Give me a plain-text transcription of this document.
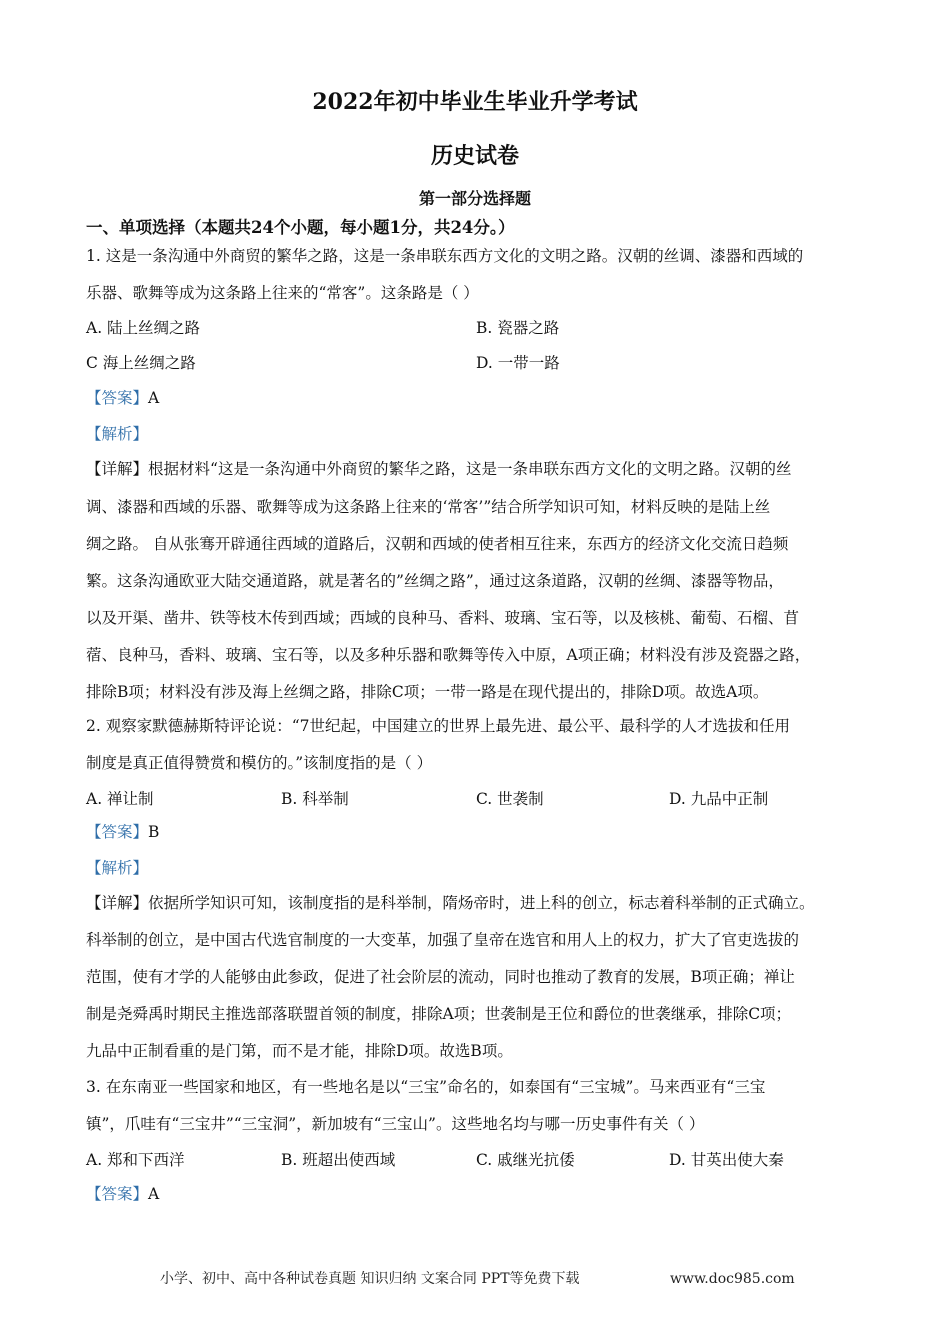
2022年初中毕业生毕业升学考试
历史试卷
第一部分选择题
一、单项选择（本题共24个小题，每小题1分，共24分。）
1. 这是一条沟通中外商贸的繁华之路，这是一条串联东西方文化的文明之路。汉朝的丝调、漆器和西域的
乐器、歌舞等成为这条路上往来的“常客”。这条路是（ ）
A. 陆上丝绸之路	B. 瓷器之路
C 海上丝绸之路	D. 一带一路
【答案】A
【解析】
【详解】根据材料“这是一条沟通中外商贸的繁华之路，这是一条串联东西方文化的文明之路。汉朝的丝
调、漆器和西域的乐器、歌舞等成为这条路上往来的‘常客’”结合所学知识可知，材料反映的是陆上丝
绸之路。 自从张骞开辟通往西域的道路后，汉朝和西域的使者相互往来，东西方的经济文化交流日趋频
繁。这条沟通欧亚大陆交通道路，就是著名的”丝绸之路”，通过这条道路，汉朝的丝绸、漆器等物品，
以及开渠、凿井、铁等枝木传到西域；西域的良种马、香料、玻璃、宝石等，以及核桃、葡萄、石榴、苜
蓿、良种马，香料、玻璃、宝石等，以及多种乐器和歌舞等传入中原，A项正确；材料没有涉及瓷器之路，
排除B项；材料没有涉及海上丝绸之路，排除C项；一带一路是在现代提出的，排除D项。故选A项。
2. 观察家默德赫斯特评论说：“7世纪起，中国建立的世界上最先进、最公平、最科学的人才选拔和任用
制度是真正值得赞赏和模仿的。”该制度指的是（ ）
A. 禅让制	B. 科举制	C. 世袭制	D. 九品中正制
【答案】B
【解析】
【详解】依据所学知识可知，该制度指的是科举制，隋炀帝时，进上科的创立，标志着科举制的正式确立。
科举制的创立，是中国古代选官制度的一大变革，加强了皇帝在选官和用人上的权力，扩大了官吏选拔的
范围，使有才学的人能够由此参政，促进了社会阶层的流动，同时也推动了教育的发展，B项正确；禅让
制是尧舜禹时期民主推选部落联盟首领的制度，排除A项；世袭制是王位和爵位的世袭继承，排除C项；
九品中正制看重的是门第，而不是才能，排除D项。故选B项。
3. 在东南亚一些国家和地区，有一些地名是以“三宝”命名的，如泰国有“三宝城”。马来西亚有“三宝
镇”，爪哇有“三宝井”“三宝洞”，新加坡有“三宝山”。这些地名均与哪一历史事件有关（ ）
A. 郑和下西洋	B. 班超出使西域	C. 戚继光抗倭	D. 甘英出使大秦
【答案】A
小学、初中、高中各种试卷真题 知识归纳 文案合同 PPT等免费下载	www.doc985.com
